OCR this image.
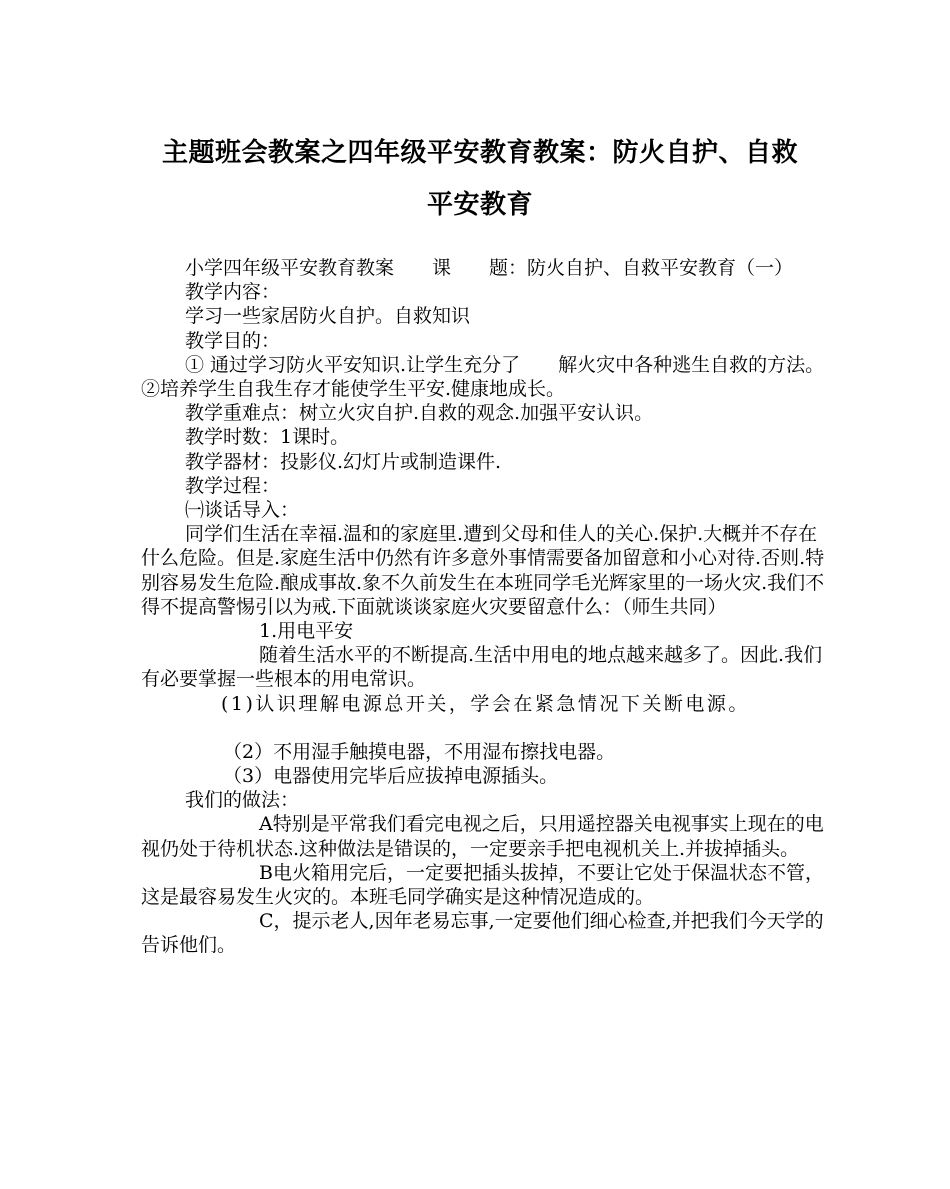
主题班会教案之四年级平安教育教案：防火自护、自救
平安教育

小学四年级平安教育教案　　课　　题：防火自护、自救平安教育（一）

教学内容：

学习一些家居防火自护。自救知识

教学目的：

① 通过学习防火平安知识.让学生充分了　　解火灾中各种逃生自救的方法。　　　　　②培养学生自我生存才能使学生平安.健康地成长。

教学重难点：树立火灾自护.自救的观念.加强平安认识。

教学时数：1课时。

教学器材：投影仪.幻灯片或制造课件.

教学过程：

㈠谈话导入：

同学们生活在幸福.温和的家庭里.遭到父母和佳人的关心.保护.大概并不存在什么危险。但是.家庭生活中仍然有许多意外事情需要备加留意和小心对待.否则.特别容易发生危险.酿成事故.象不久前发生在本班同学毛光辉家里的一场火灾.我们不得不提高警惕引以为戒.下面就谈谈家庭火灾要留意什么：（师生共同）

1.用电平安

随着生活水平的不断提高.生活中用电的地点越来越多了。因此.我们有必要掌握一些根本的用电常识。

(1)认识理解电源总开关，学会在紧急情况下关断电源。

（2）不用湿手触摸电器，不用湿布擦找电器。

（3）电器使用完毕后应拔掉电源插头。

我们的做法：

A特别是平常我们看完电视之后，只用遥控器关电视事实上现在的电视仍处于待机状态.这种做法是错误的，一定要亲手把电视机关上.并拔掉插头。

B电火箱用完后，一定要把插头拔掉，不要让它处于保温状态不管，这是最容易发生火灾的。本班毛同学确实是这种情况造成的。

C，提示老人,因年老易忘事,一定要他们细心检查,并把我们今天学的告诉他们。
